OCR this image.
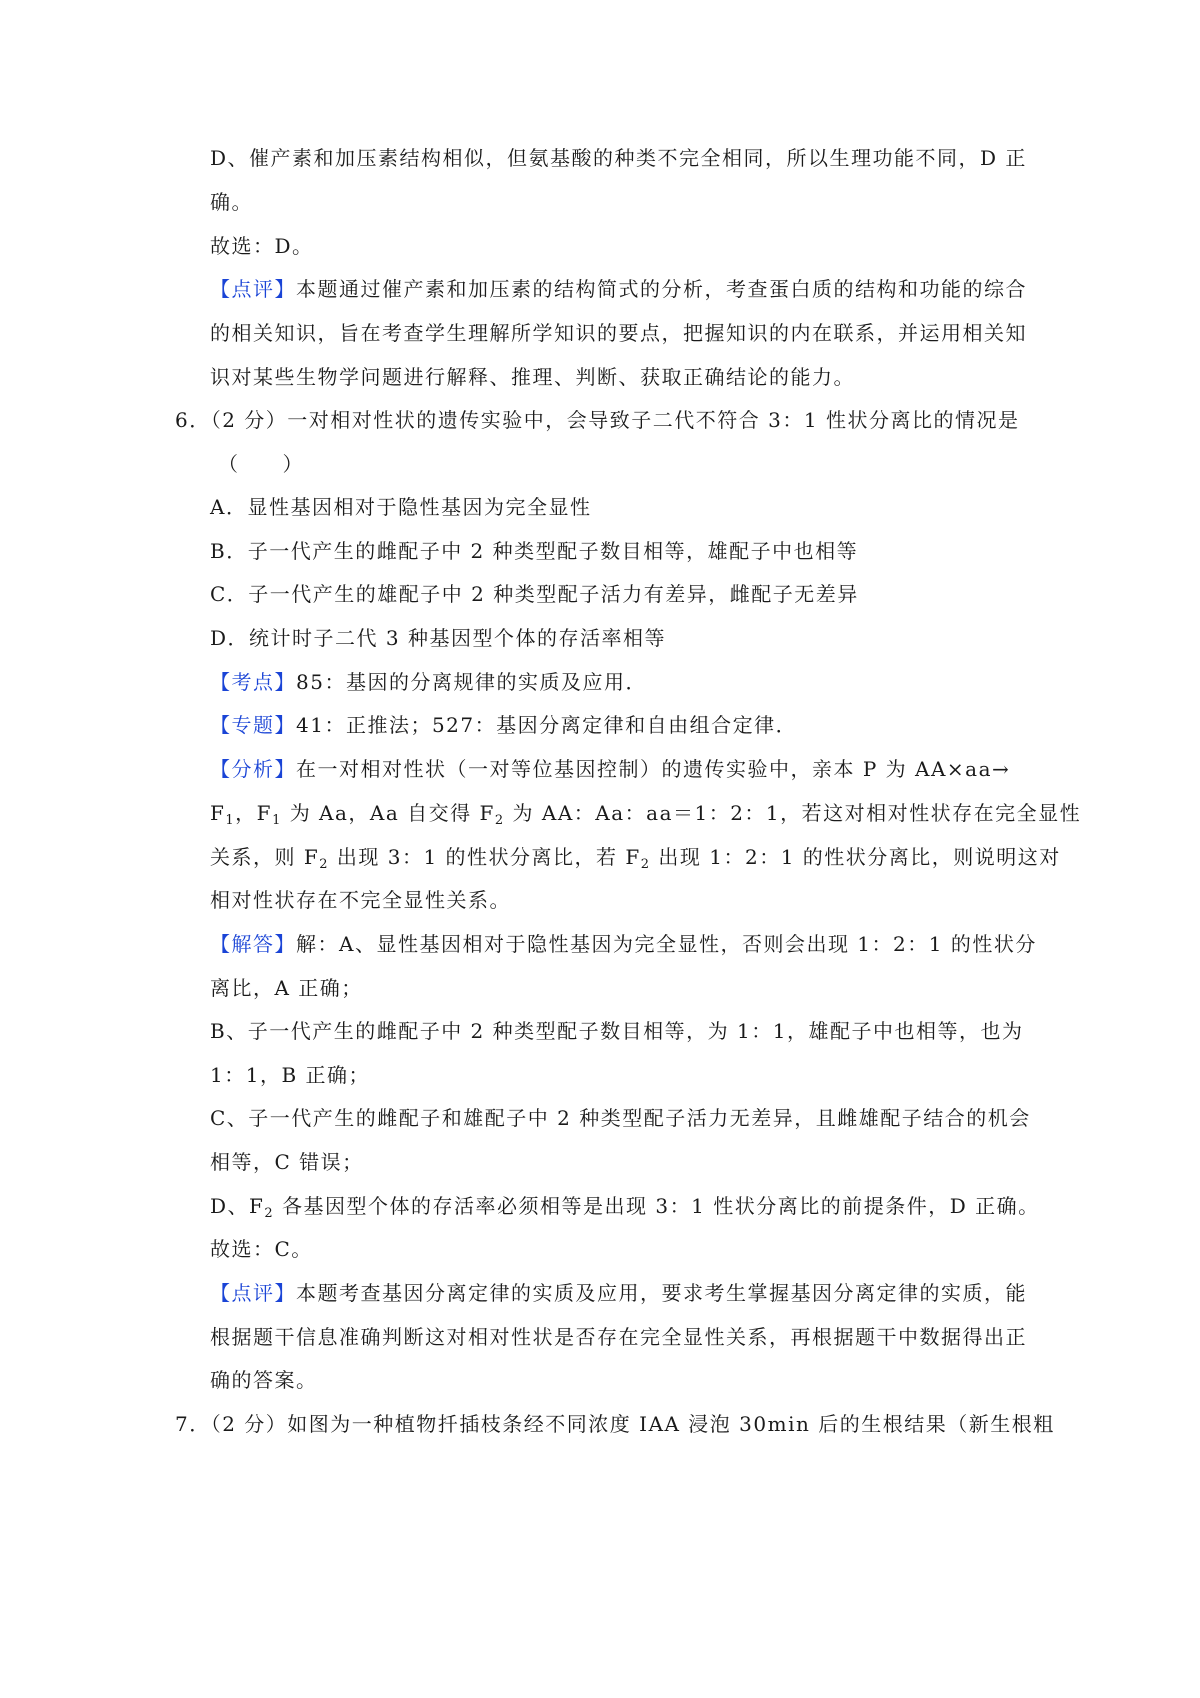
D、催产素和加压素结构相似，但氨基酸的种类不完全相同，所以生理功能不同，D 正
确。
故选：D。
【点评】本题通过催产素和加压素的结构简式的分析，考查蛋白质的结构和功能的综合
的相关知识，旨在考查学生理解所学知识的要点，把握知识的内在联系，并运用相关知
识对某些生物学问题进行解释、推理、判断、获取正确结论的能力。
6．（2 分）一对相对性状的遗传实验中，会导致子二代不符合 3：1 性状分离比的情况是
（　　）
A．显性基因相对于隐性基因为完全显性
B．子一代产生的雌配子中 2 种类型配子数目相等，雄配子中也相等
C．子一代产生的雄配子中 2 种类型配子活力有差异，雌配子无差异
D．统计时子二代 3 种基因型个体的存活率相等
【考点】85：基因的分离规律的实质及应用．
【专题】41：正推法；527：基因分离定律和自由组合定律．
【分析】在一对相对性状（一对等位基因控制）的遗传实验中，亲本 P 为 AA×aa→
$F_1$，$F_1$ 为 Aa，Aa 自交得 $F_2$ 为 AA：Aa：aa＝1：2：1，若这对相对性状存在完全显性
关系，则 $F_2$ 出现 3：1 的性状分离比，若 $F_2$ 出现 1：2：1 的性状分离比，则说明这对
相对性状存在不完全显性关系。
【解答】解：A、显性基因相对于隐性基因为完全显性，否则会出现 1：2：1 的性状分
离比，A 正确；
B、子一代产生的雌配子中 2 种类型配子数目相等，为 1：1，雄配子中也相等，也为
1：1，B 正确；
C、子一代产生的雌配子和雄配子中 2 种类型配子活力无差异，且雌雄配子结合的机会
相等，C 错误；
D、$F_2$ 各基因型个体的存活率必须相等是出现 3：1 性状分离比的前提条件，D 正确。
故选：C。
【点评】本题考查基因分离定律的实质及应用，要求考生掌握基因分离定律的实质，能
根据题干信息准确判断这对相对性状是否存在完全显性关系，再根据题干中数据得出正
确的答案。
7．（2 分）如图为一种植物扦插枝条经不同浓度 IAA 浸泡 30min 后的生根结果（新生根粗
